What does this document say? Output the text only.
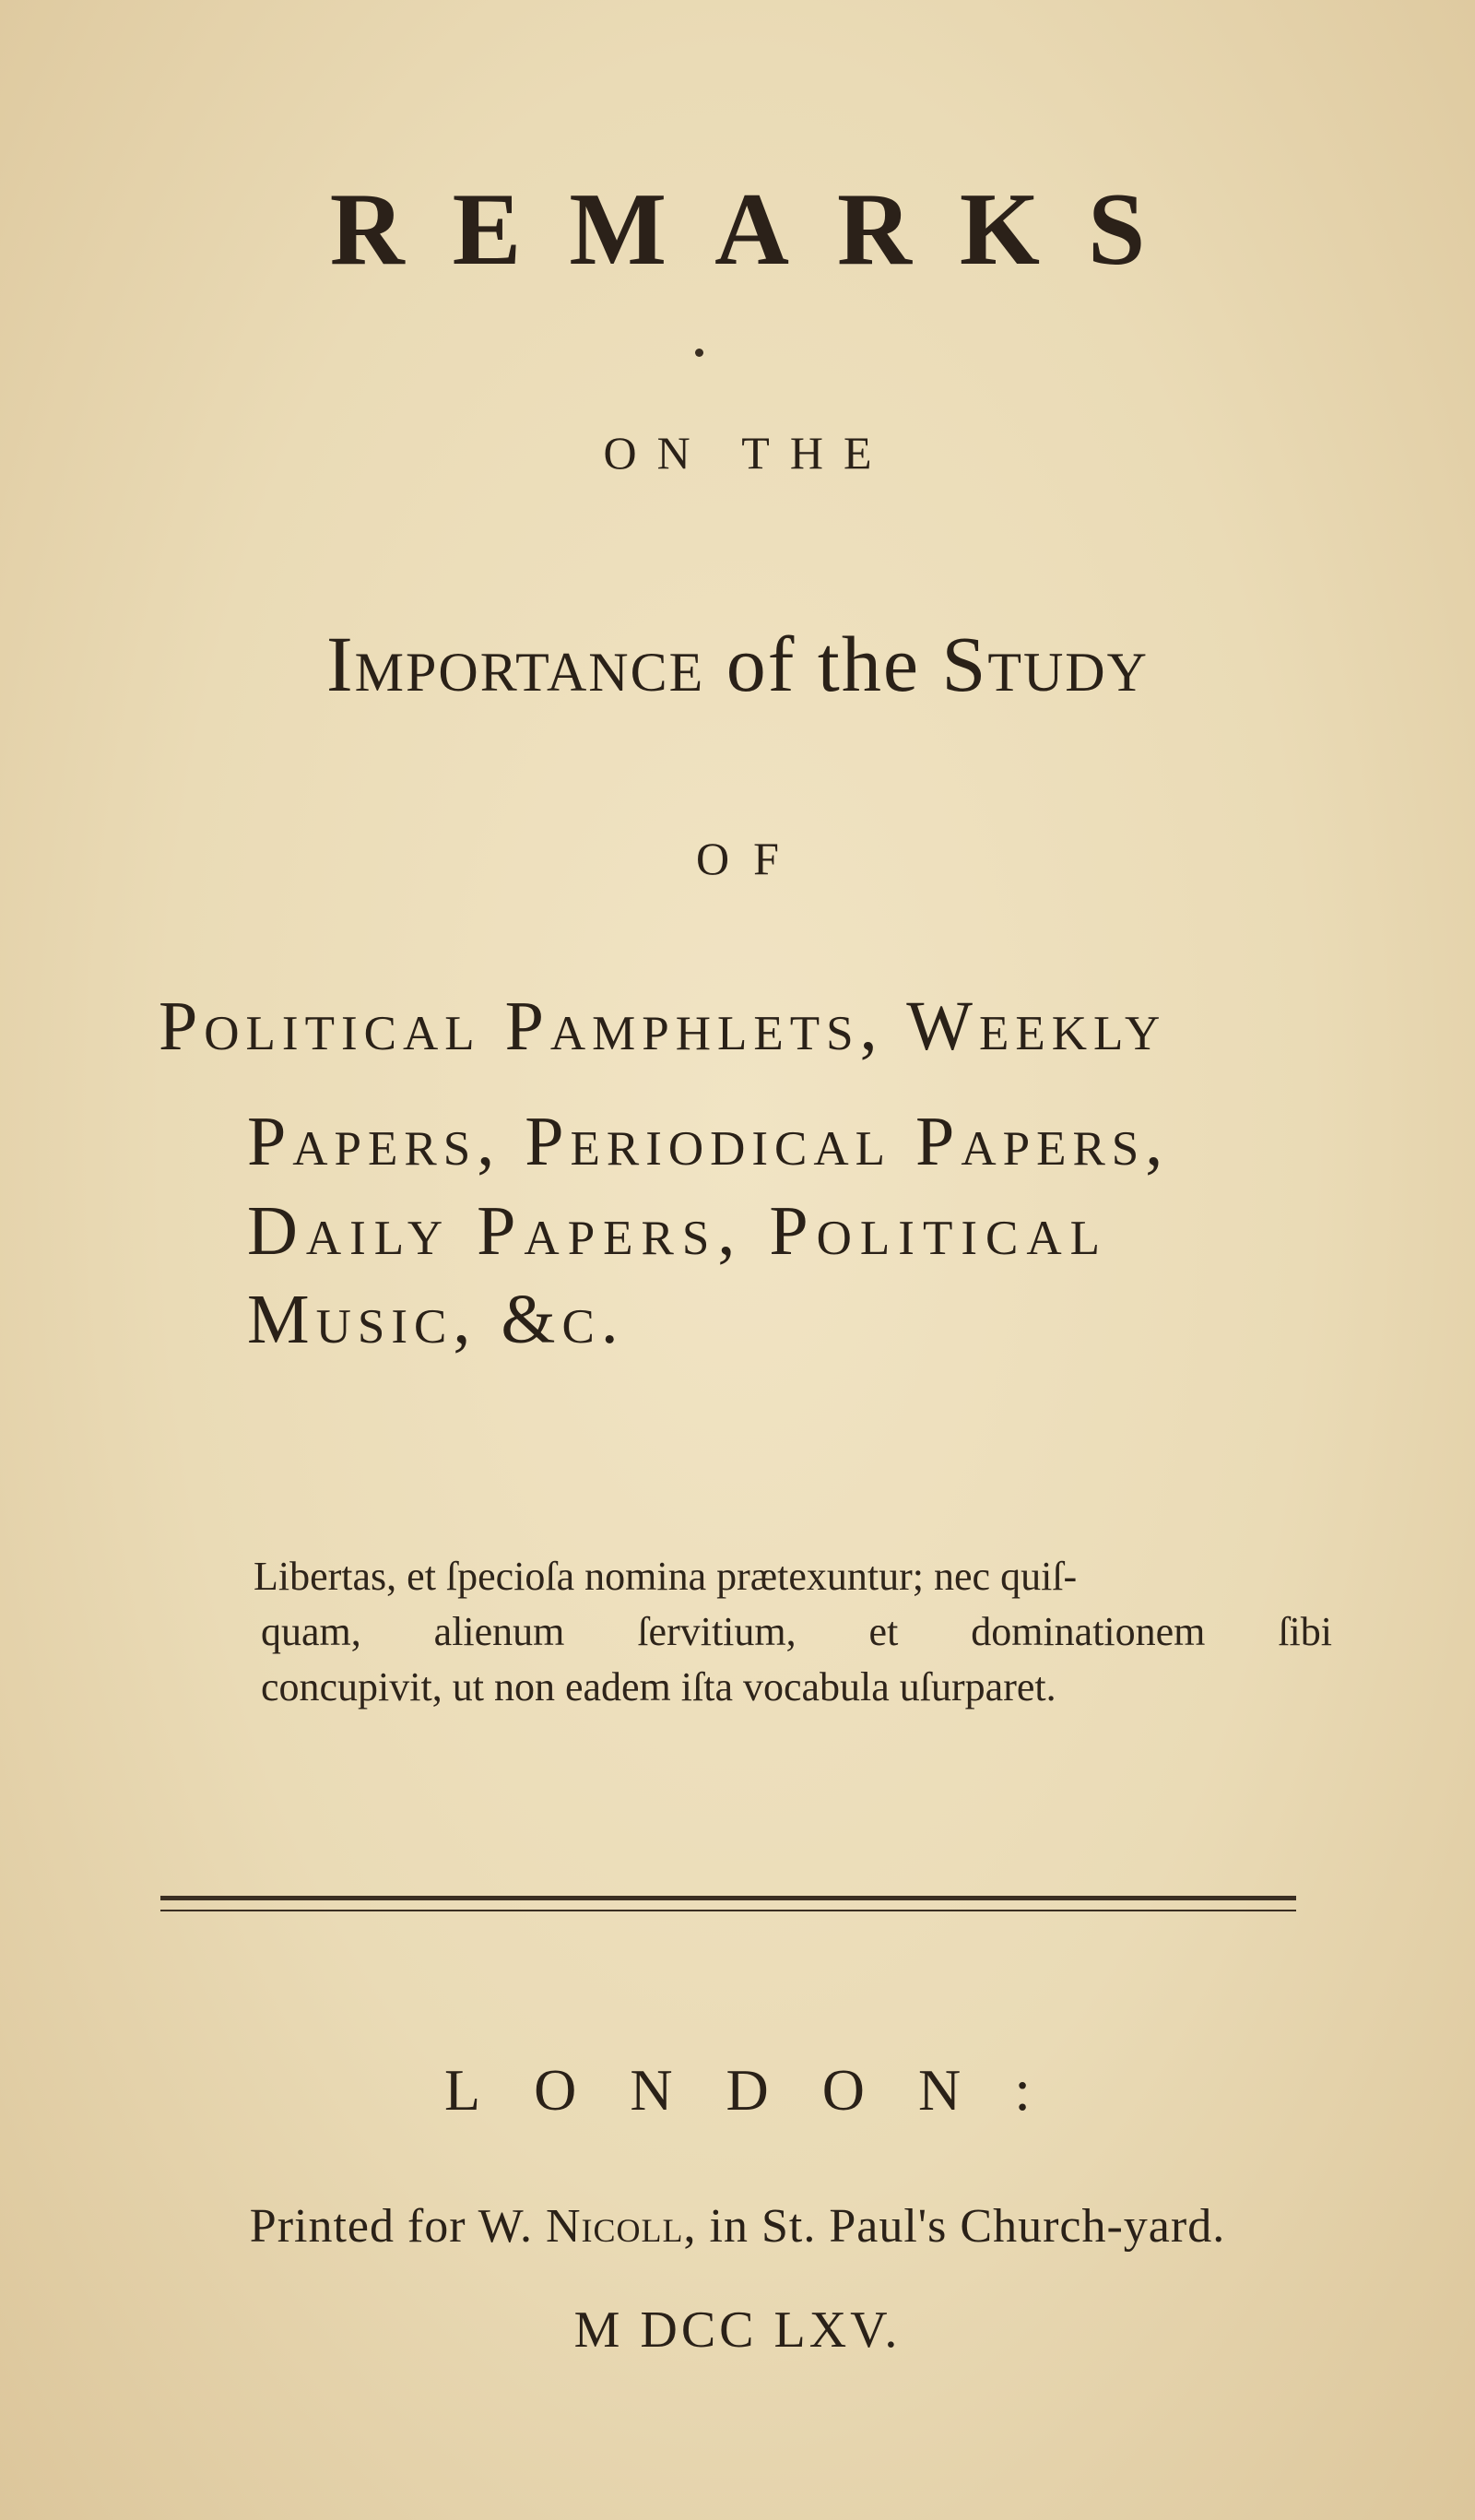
REMARKS
ON THE
Importance of the Study
OF
Political Pamphlets, Weekly
Papers, Periodical Papers,
Daily Papers, Political
Music, &c.
Libertas, et ſpecioſa nomina prætexuntur; nec quiſ-
quam, alienum ſervitium, et dominationem ſibi
concupivit, ut non eadem iſta vocabula uſurparet.
LONDON:
Printed for W. Nicoll, in St. Paul's Church-yard.
M DCC LXV.
